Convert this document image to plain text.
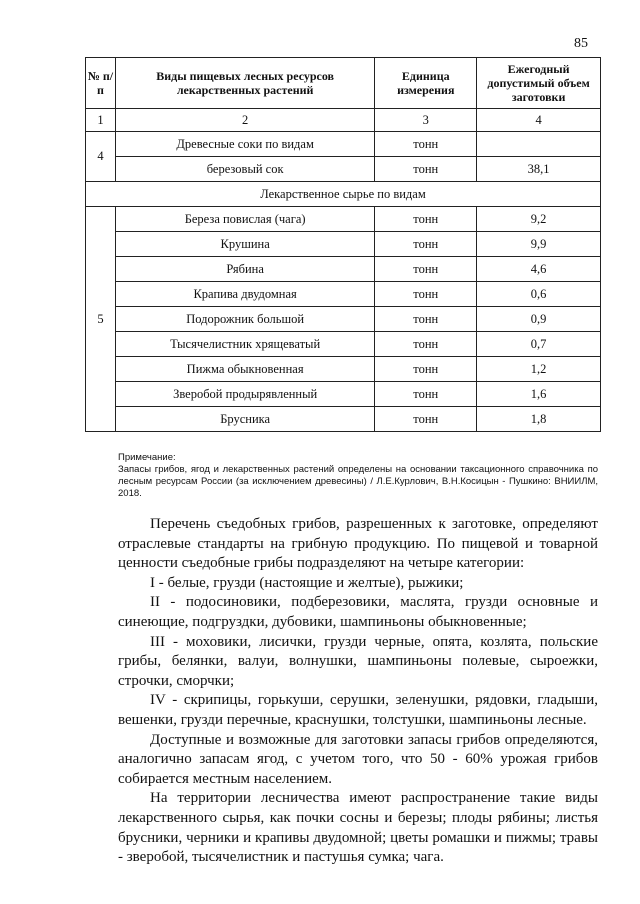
85
№ п/п	Виды пищевых лесных ресурсов лекарственных растений	Единица измерения	Ежегодный допустимый объем заготовки
1	2	3	4
4	Древесные соки по видам	тонн	
	березовый сок	тонн	38,1
Лекарственное сырье по видам			
5	Береза повислая (чага)	тонн	9,2
	Крушина	тонн	9,9
	Рябина	тонн	4,6
	Крапива двудомная	тонн	0,6
	Подорожник большой	тонн	0,9
	Тысячелистник хрящеватый	тонн	0,7
	Пижма обыкновенная	тонн	1,2
	Зверобой продырявленный	тонн	1,6
	Брусника	тонн	1,8
Примечание:
Запасы грибов, ягод и лекарственных растений определены на основании таксационного справочника по лесным ресурсам России (за исключением древесины) / Л.Е.Курлович, В.Н.Косицын - Пушкино: ВНИИЛМ, 2018.

Перечень съедобных грибов, разрешенных к заготовке, определяют отраслевые стандарты на грибную продукцию. По пищевой и товарной ценности съедобные грибы подразделяют на четыре категории:

I - белые, грузди (настоящие и желтые), рыжики;

II - подосиновики, подберезовики, маслята, грузди основные и синеющие, подгруздки, дубовики, шампиньоны обыкновенные;

III - моховики, лисички, грузди черные, опята, козлята, польские грибы, белянки, валуи, волнушки, шампиньоны полевые, сыроежки, строчки, сморчки;

IV - скрипицы, горькуши, серушки, зеленушки, рядовки, гладыши, вешенки, грузди перечные, краснушки, толстушки, шампиньоны лесные.

Доступные и возможные для заготовки запасы грибов определяются, аналогично запасам ягод, с учетом того, что 50 - 60% урожая грибов собирается местным населением.

На территории лесничества имеют распространение такие виды лекарственного сырья, как почки сосны и березы; плоды рябины; листья брусники, черники и крапивы двудомной; цветы ромашки и пижмы; травы - зверобой, тысячелистник и пастушья сумка; чага.
